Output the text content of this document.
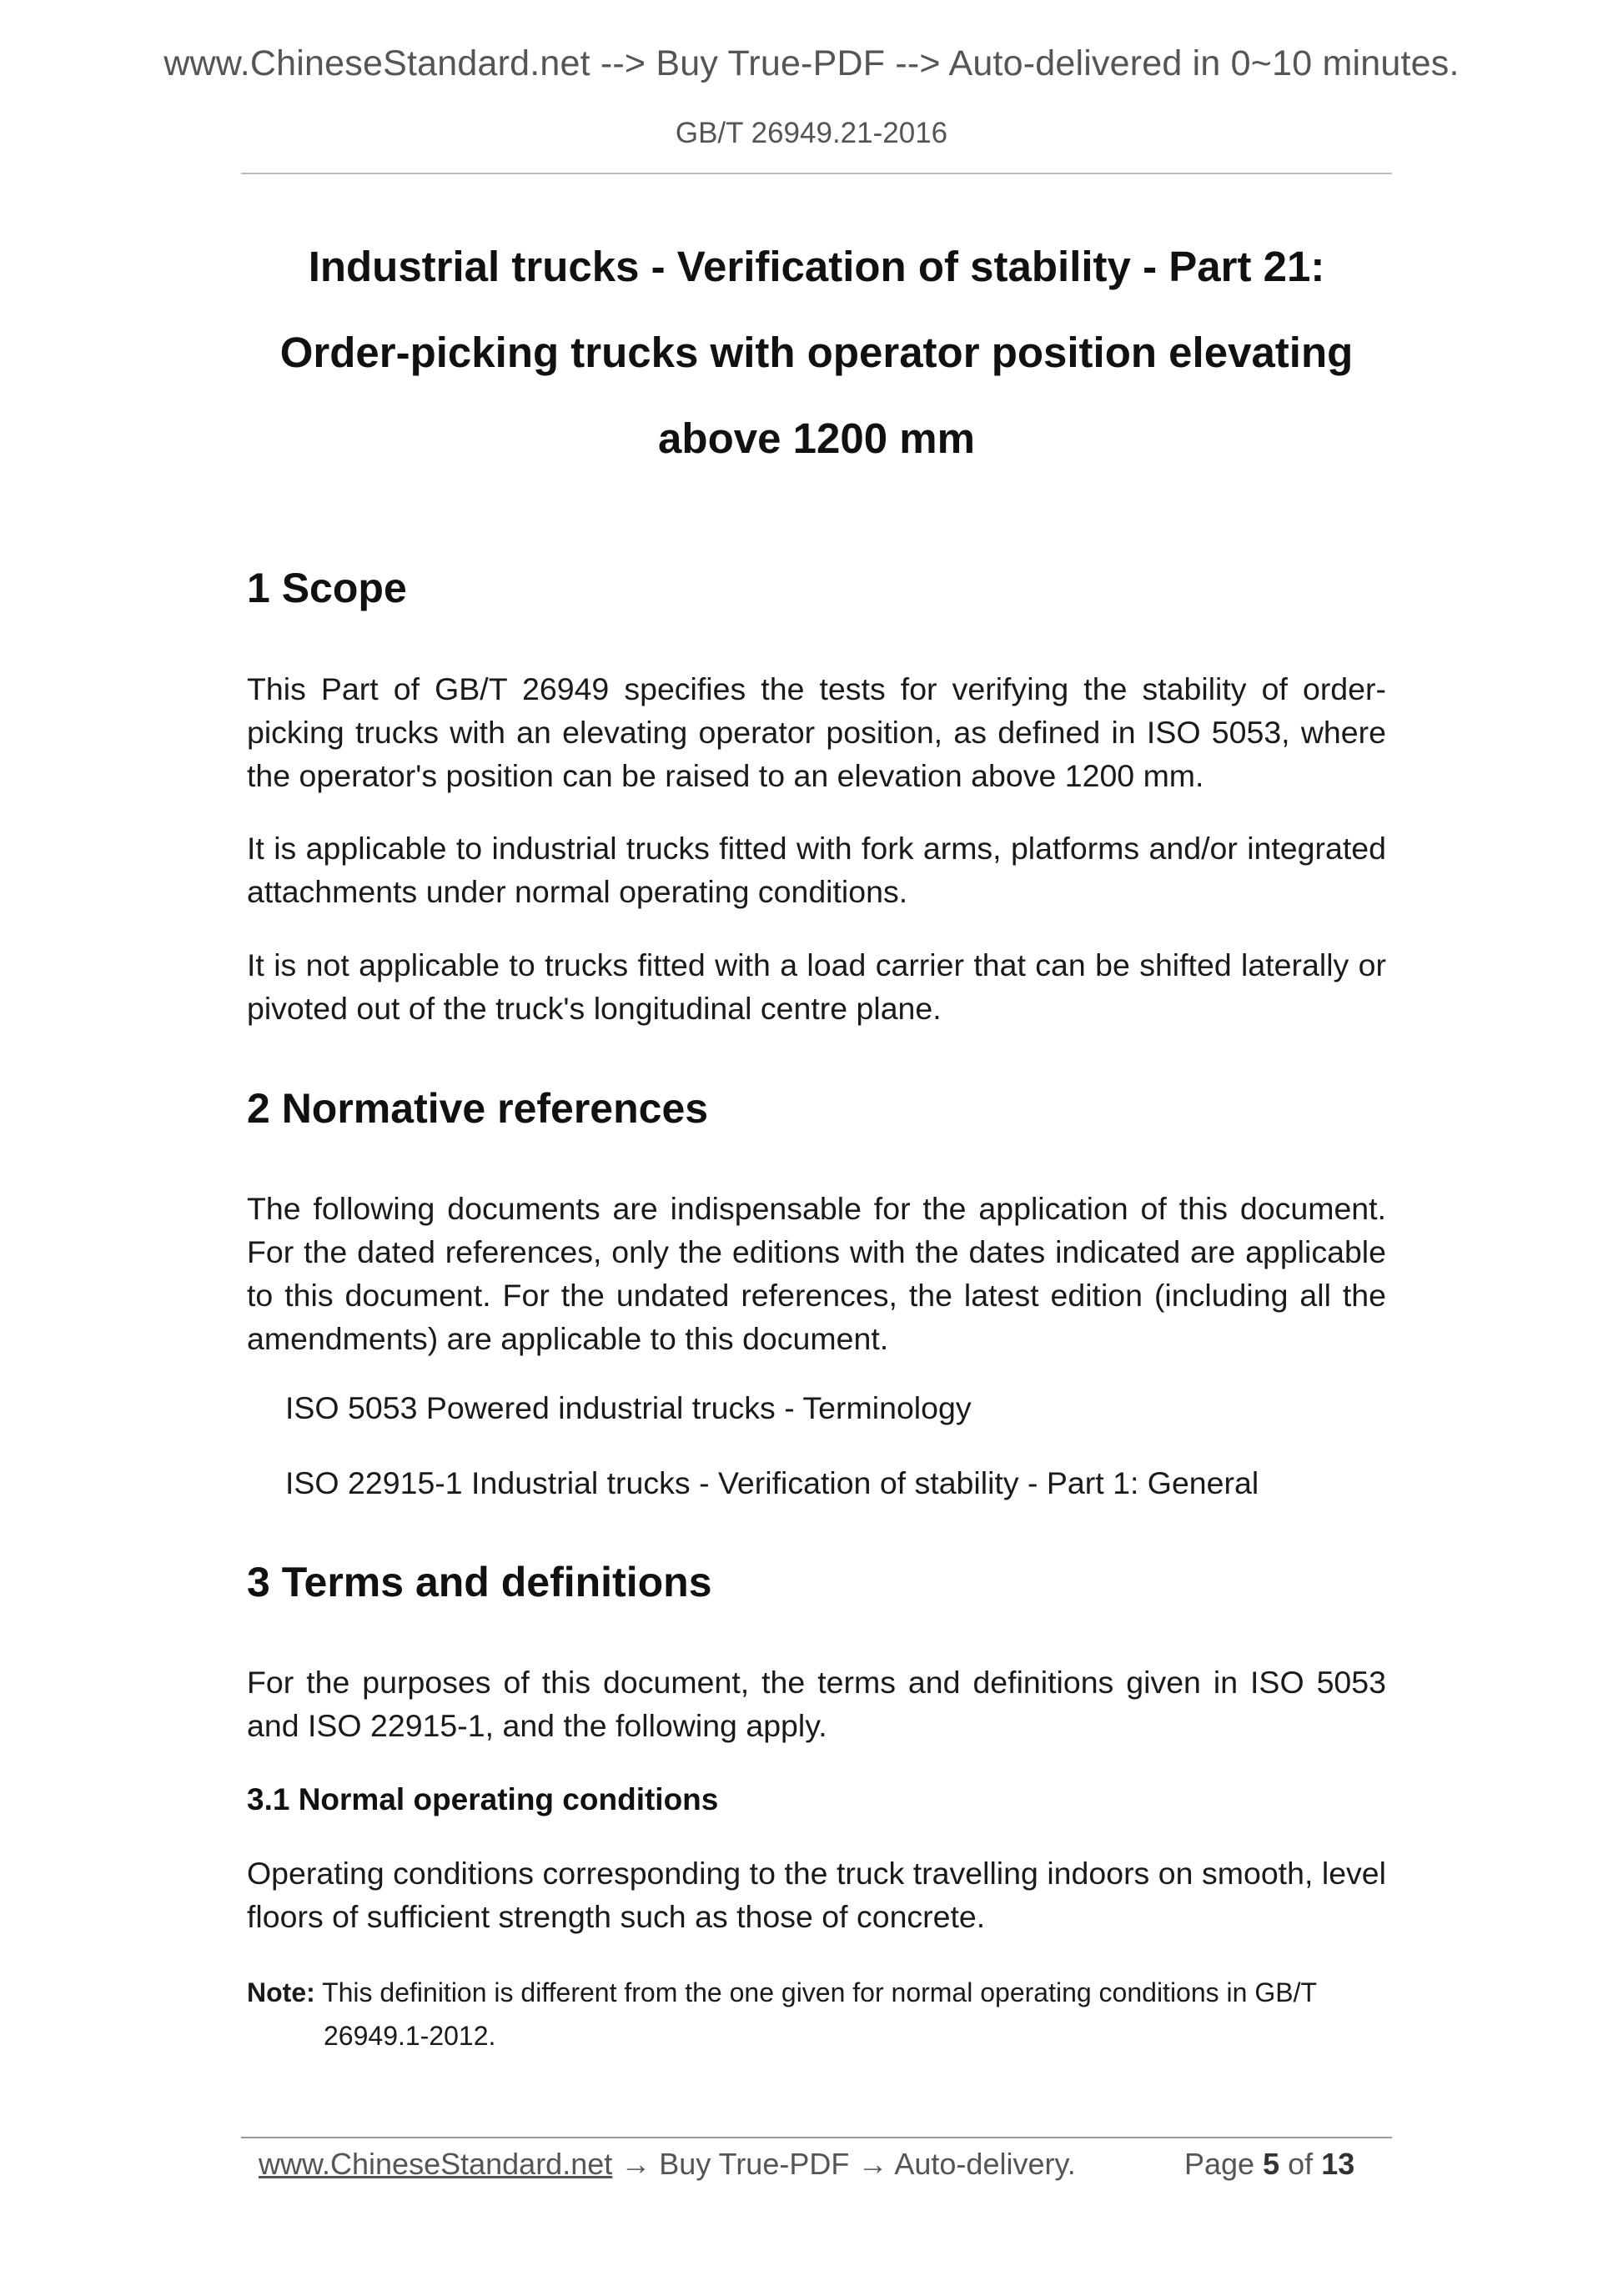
www.ChineseStandard.net --> Buy True-PDF --> Auto-delivered in 0~10 minutes.
GB/T 26949.21-2016
Industrial trucks - Verification of stability - Part 21:
Order-picking trucks with operator position elevating
above 1200 mm
1 Scope
This Part of GB/T 26949 specifies the tests for verifying the stability of order-picking trucks with an elevating operator position, as defined in ISO 5053, where the operator's position can be raised to an elevation above 1200 mm.
It is applicable to industrial trucks fitted with fork arms, platforms and/or integrated attachments under normal operating conditions.
It is not applicable to trucks fitted with a load carrier that can be shifted laterally or pivoted out of the truck's longitudinal centre plane.
2 Normative references
The following documents are indispensable for the application of this document. For the dated references, only the editions with the dates indicated are applicable to this document. For the undated references, the latest edition (including all the amendments) are applicable to this document.
ISO 5053 Powered industrial trucks - Terminology
ISO 22915-1 Industrial trucks - Verification of stability - Part 1: General
3 Terms and definitions
For the purposes of this document, the terms and definitions given in ISO 5053 and ISO 22915-1, and the following apply.
3.1 Normal operating conditions
Operating conditions corresponding to the truck travelling indoors on smooth, level floors of sufficient strength such as those of concrete.
Note: This definition is different from the one given for normal operating conditions in GB/T
26949.1-2012.
www.ChineseStandard.net → Buy True-PDF → Auto-delivery.	Page 5 of 13
